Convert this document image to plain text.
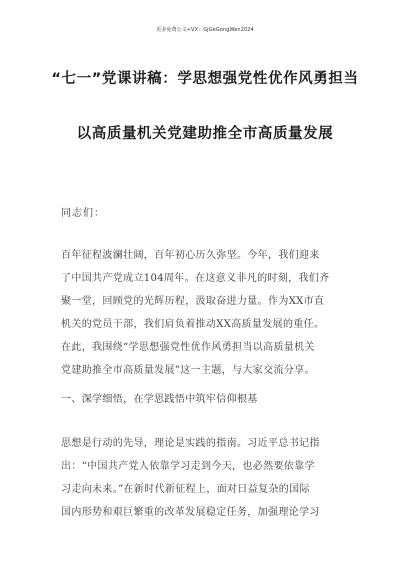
更多免费公文+VX：GjGeGongWen2024
“七一”党课讲稿：学思想强党性优作风勇担当
以高质量机关党建助推全市高质量发展
同志们：
百年征程波澜壮阔，百年初心历久弥坚。今年，我们迎来
了中国共产党成立104周年。在这意义非凡的时刻，我们齐
聚一堂，回顾党的光辉历程，汲取奋进力量。作为XX市直
机关的党员干部，我们肩负着推动XX高质量发展的重任。
在此，我围绕“学思想强党性优作风勇担当以高质量机关
党建助推全市高质量发展”这一主题，与大家交流分享。
一、深学细悟，在学思践悟中筑牢信仰根基
思想是行动的先导，理论是实践的指南。习近平总书记指
出：“中国共产党人依靠学习走到今天，也必然要依靠学
习走向未来。”在新时代新征程上，面对日益复杂的国际
国内形势和艰巨繁重的改革发展稳定任务，加强理论学习
